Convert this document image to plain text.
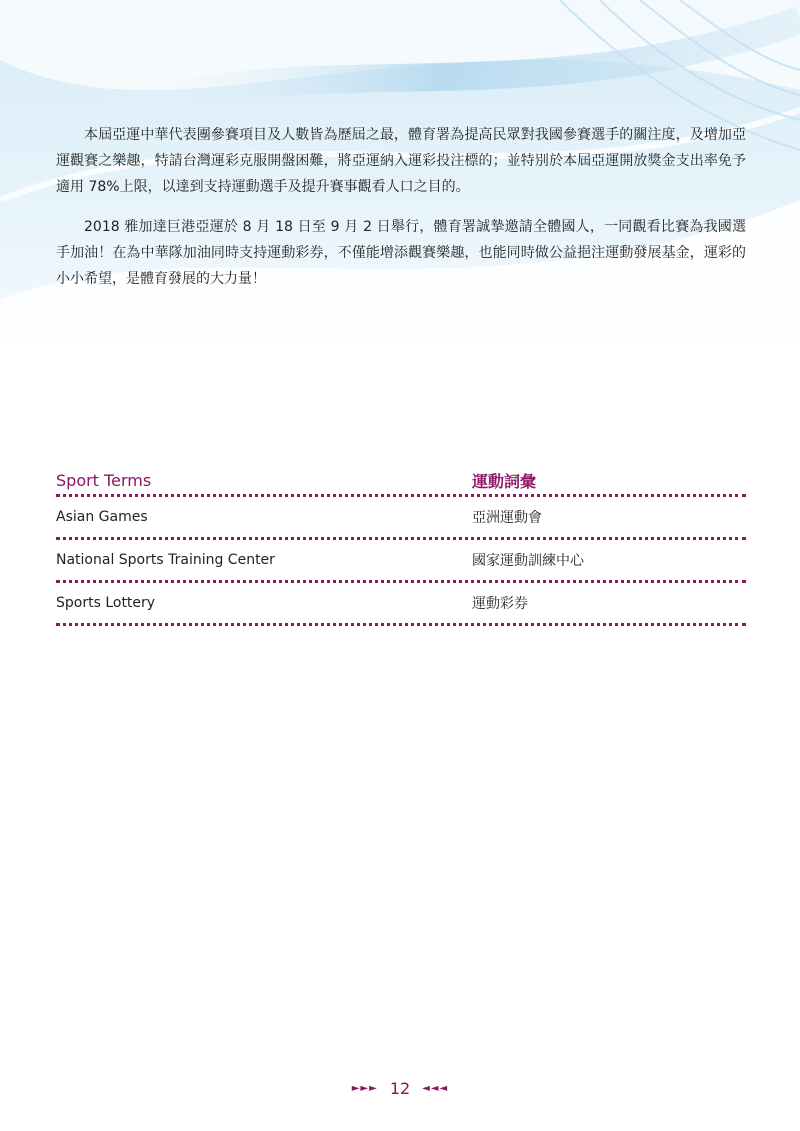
本屆亞運中華代表團參賽項目及人數皆為歷屆之最，體育署為提高民眾對我國參賽選手的關注度，及增加亞運觀賽之樂趣，特請台灣運彩克服開盤困難，將亞運納入運彩投注標的；並特別於本屆亞運開放獎金支出率免予適用 78%上限，以達到支持運動選手及提升賽事觀看人口之目的。

2018 雅加達巨港亞運於 8 月 18 日至 9 月 2 日舉行，體育署誠摯邀請全體國人，一同觀看比賽為我國選手加油！在為中華隊加油同時支持運動彩券，不僅能增添觀賽樂趣，也能同時做公益挹注運動發展基金，運彩的小小希望，是體育發展的大力量！

Sport Terms	運動詞彙
Asian Games	亞洲運動會
National Sports Training Center	國家運動訓練中心
Sports Lottery	運動彩券
►►► 12 ◄◄◄
